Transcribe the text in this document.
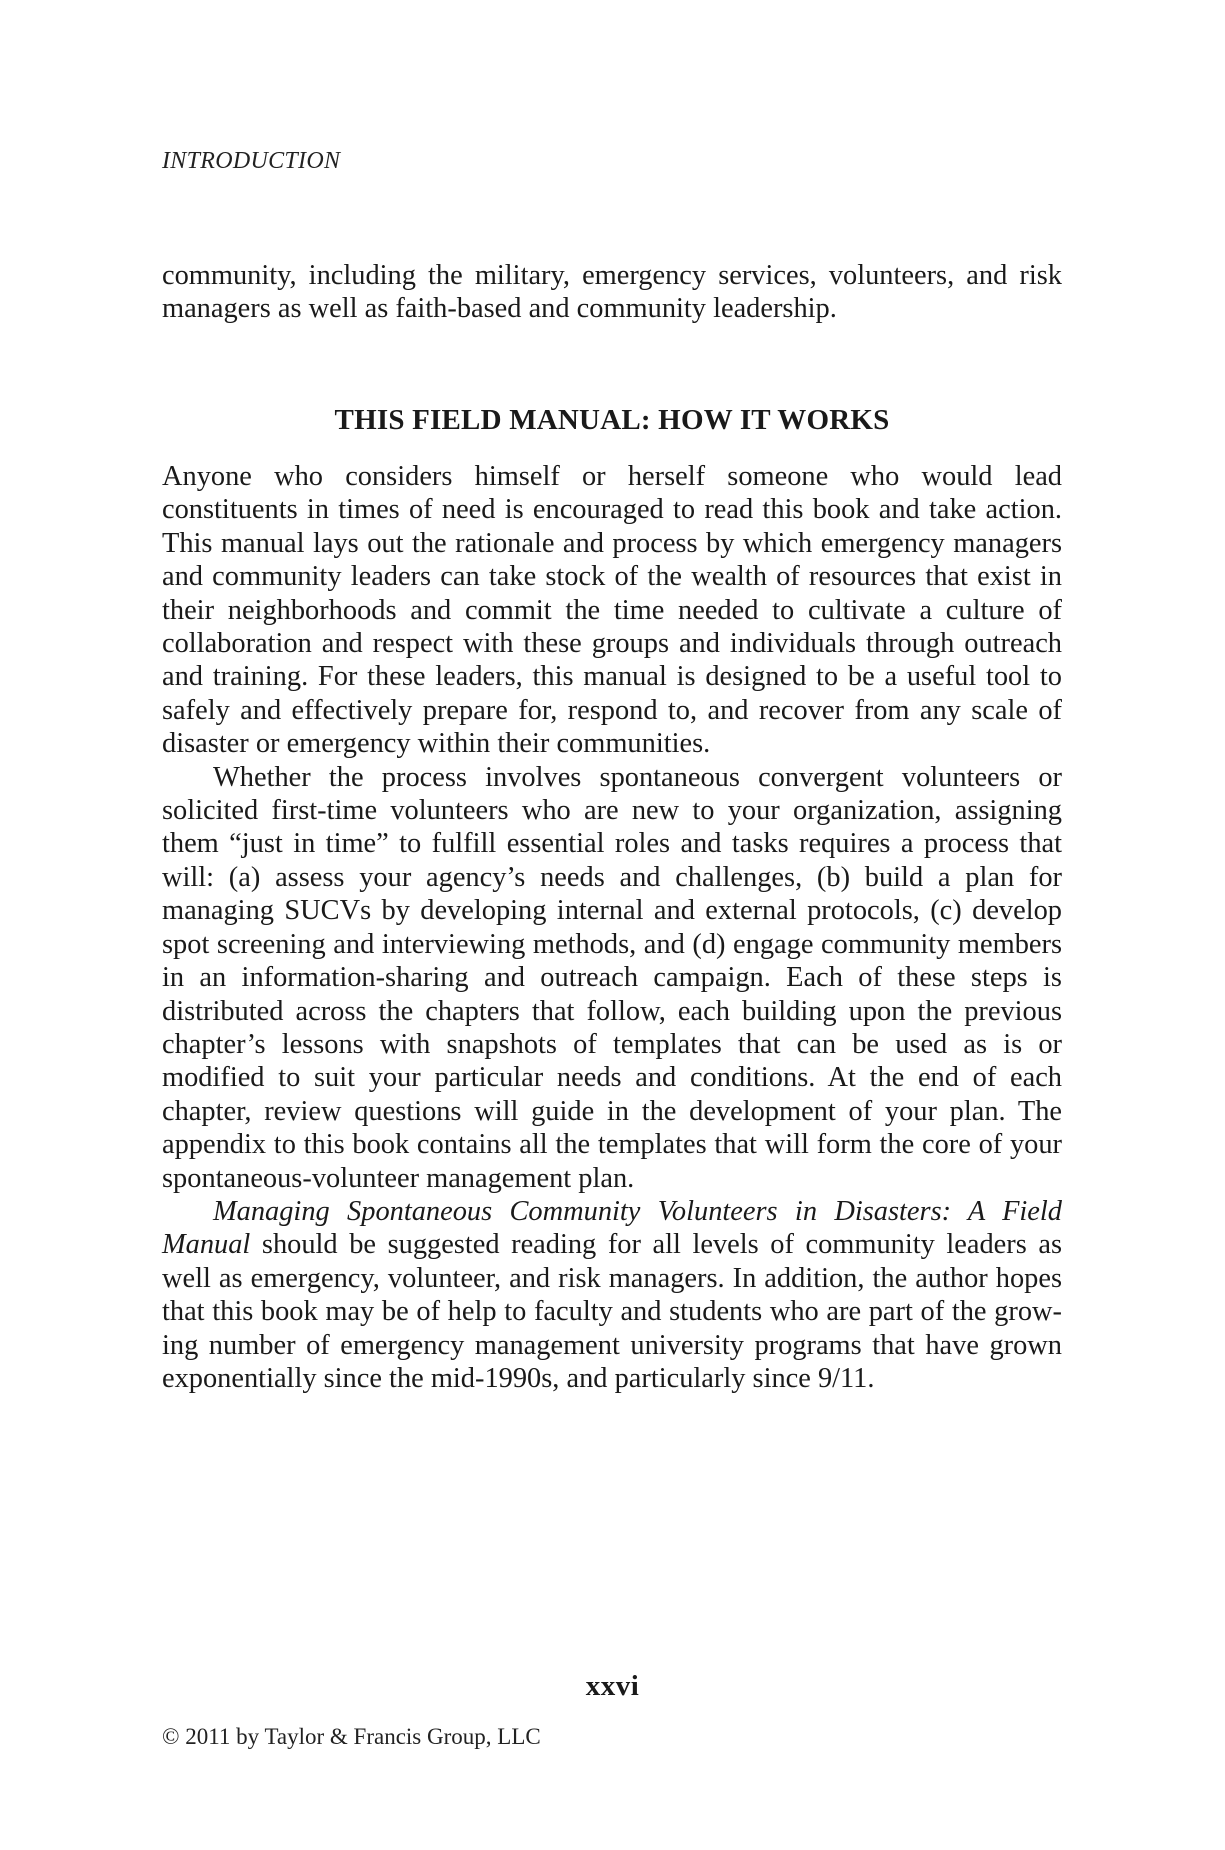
INTRODUCTION

community, including the military, emergency services, volunteers, and risk managers as well as faith-based and community leadership.

THIS FIELD MANUAL: HOW IT WORKS

Anyone who considers himself or herself someone who would lead constituents in times of need is encouraged to read this book and take action. This manual lays out the rationale and process by which emergency managers and community leaders can take stock of the wealth of resources that exist in their neighborhoods and commit the time needed to cultivate a culture of collaboration and respect with these groups and individuals through outreach and training. For these leaders, this manual is designed to be a useful tool to safely and effectively prepare for, respond to, and recover from any scale of disaster or emergency within their communities.

Whether the process involves spontaneous convergent volunteers or solicited first-time volunteers who are new to your organization, assigning them “just in time” to fulfill essential roles and tasks requires a process that will: (a) assess your agency’s needs and challenges, (b) build a plan for managing SUCVs by developing internal and external protocols, (c) develop spot screening and interviewing methods, and (d) engage community members in an information-sharing and outreach campaign. Each of these steps is distributed across the chapters that follow, each building upon the previous chapter’s lessons with snapshots of templates that can be used as is or modified to suit your particular needs and conditions. At the end of each chapter, review questions will guide in the development of your plan. The appendix to this book contains all the templates that will form the core of your spontaneous-volunteer management plan.

Managing Spontaneous Community Volunteers in Disasters: A Field Manual should be suggested reading for all levels of community leaders as well as emergency, volunteer, and risk managers. In addition, the author hopes that this book may be of help to faculty and students who are part of the growing number of emergency management university programs that have grown exponentially since the mid-1990s, and particularly since 9/11.

xxvi
© 2011 by Taylor & Francis Group, LLC
